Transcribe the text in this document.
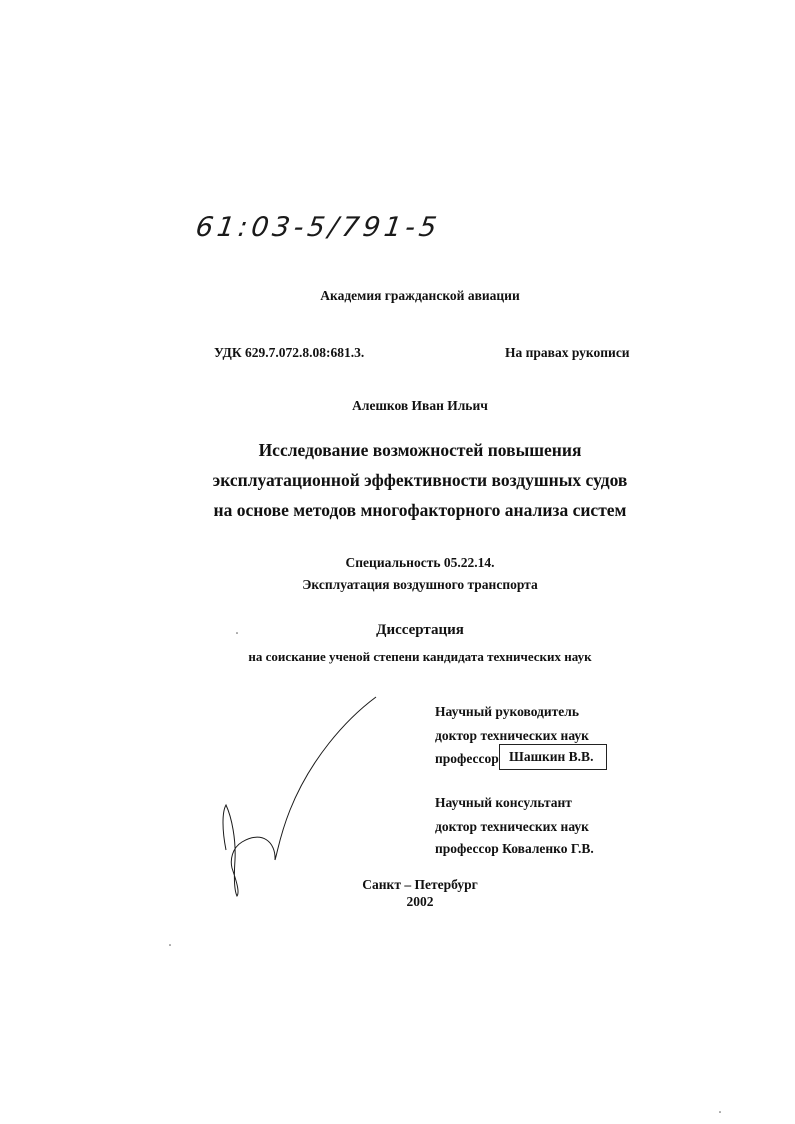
61:03-5/791-5
Академия гражданской авиации
УДК 629.7.072.8.08:681.3.	На правах рукописи
Алешков Иван Ильич
Исследование возможностей повышения
эксплуатационной эффективности воздушных судов
на основе методов многофакторного анализа систем
Специальность 05.22.14.
Эксплуатация воздушного транспорта
Диссертация
на соискание ученой степени кандидата технических наук
Научный руководитель
доктор технических наук
профессор Шашкин В.В.
Научный консультант
доктор технических наук
профессор Коваленко Г.В.
Санкт – Петербург
2002
